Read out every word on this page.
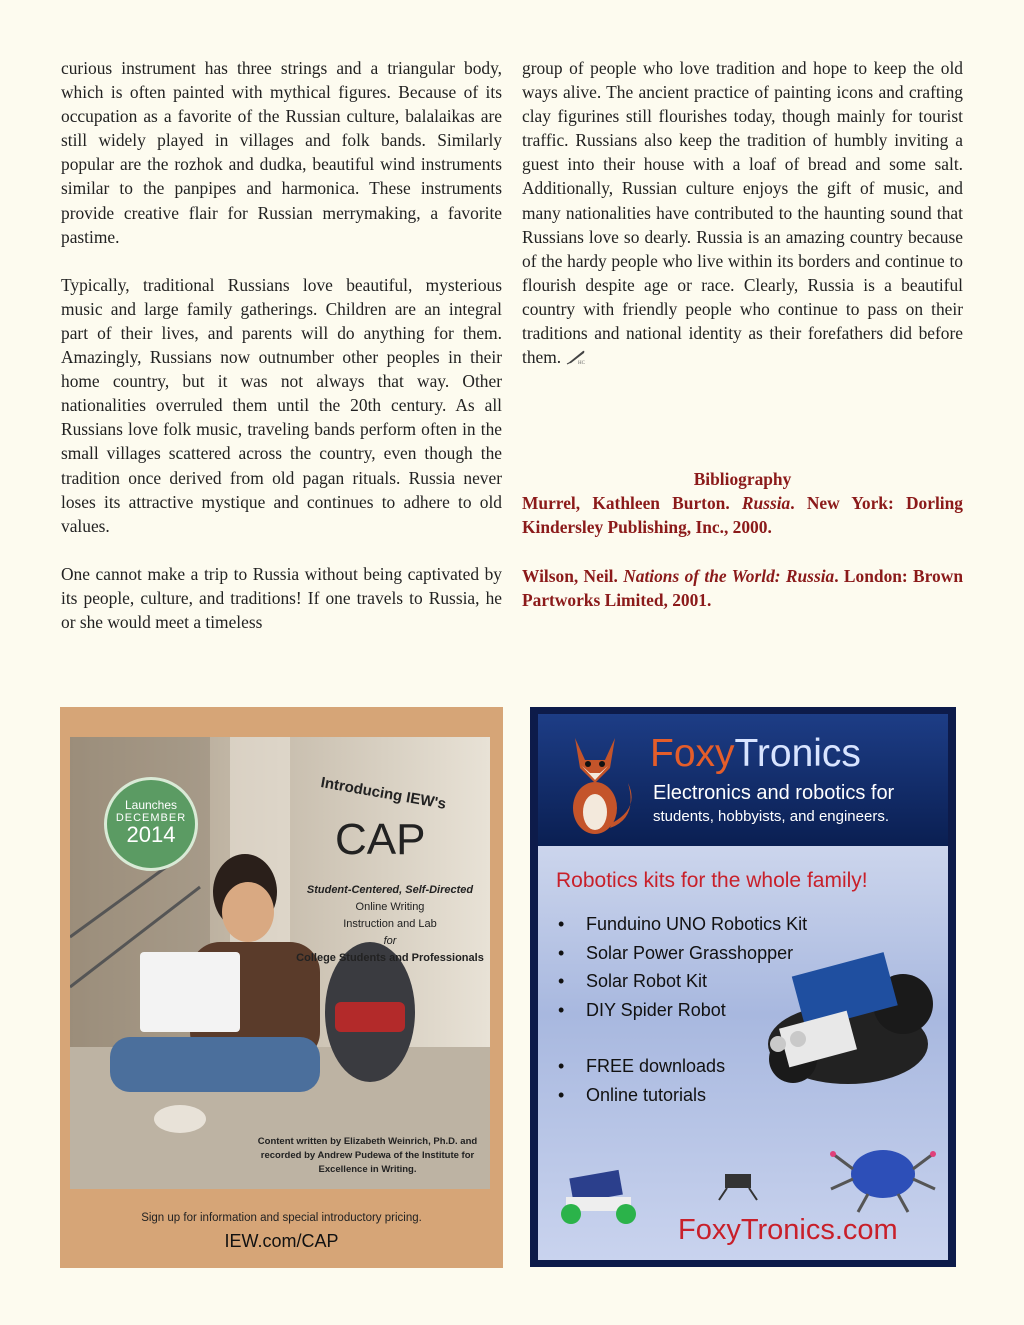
curious instrument has three strings and a triangular body, which is often painted with mythical figures. Because of its occupation as a favorite of the Russian culture, balalaikas are still widely played in villages and folk bands. Similarly popular are the rozhok and dudka, beautiful wind instruments similar to the panpipes and harmonica. These instruments provide creative flair for Russian merrymaking, a favorite pastime.

Typically, traditional Russians love beautiful, mysterious music and large family gatherings. Children are an integral part of their lives, and parents will do anything for them. Amazingly, Russians now outnumber other peoples in their home country, but it was not always that way. Other nationalities overruled them until the 20th century. As all Russians love folk music, traveling bands perform often in the small villages scattered across the country, even though the tradition once derived from old pagan rituals. Russia never loses its attractive mystique and continues to adhere to old values.

One cannot make a trip to Russia without being captivated by its people, culture, and traditions! If one travels to Russia, he or she would meet a timeless

group of people who love tradition and hope to keep the old ways alive. The ancient practice of painting icons and crafting clay figurines still flourishes today, though mainly for tourist traffic. Russians also keep the tradition of humbly inviting a guest into their house with a loaf of bread and some salt. Additionally, Russian culture enjoys the gift of music, and many nationalities have contributed to the haunting sound that Russians love so dearly. Russia is an amazing country because of the hardy people who live within its borders and continue to flourish despite age or race. Clearly, Russia is a beautiful country with friendly people who continue to pass on their traditions and national identity as their forefathers did before them.	HC

Bibliography

Murrel, Kathleen Burton. Russia. New York: Dorling Kindersley Publishing, Inc., 2000.

Wilson, Neil. Nations of the World: Russia. London: Brown Partworks Limited, 2001.

Launches
DECEMBER
2014
Introducing IEW's
CAP
Student-Centered, Self-Directed
Online Writing
Instruction and Lab
for
College Students and Professionals
Content written by Elizabeth Weinrich, Ph.D. and recorded by Andrew Pudewa of the Institute for Excellence in Writing.
Sign up for information and special introductory pricing.
IEW.com/CAP
FoxyTronics
Electronics and robotics for
students, hobbyists, and engineers.
Robotics kits for the whole family!
• Funduino UNO Robotics Kit
• Solar Power Grasshopper
• Solar Robot Kit
• DIY Spider Robot
• FREE downloads
• Online tutorials
FoxyTronics.com
